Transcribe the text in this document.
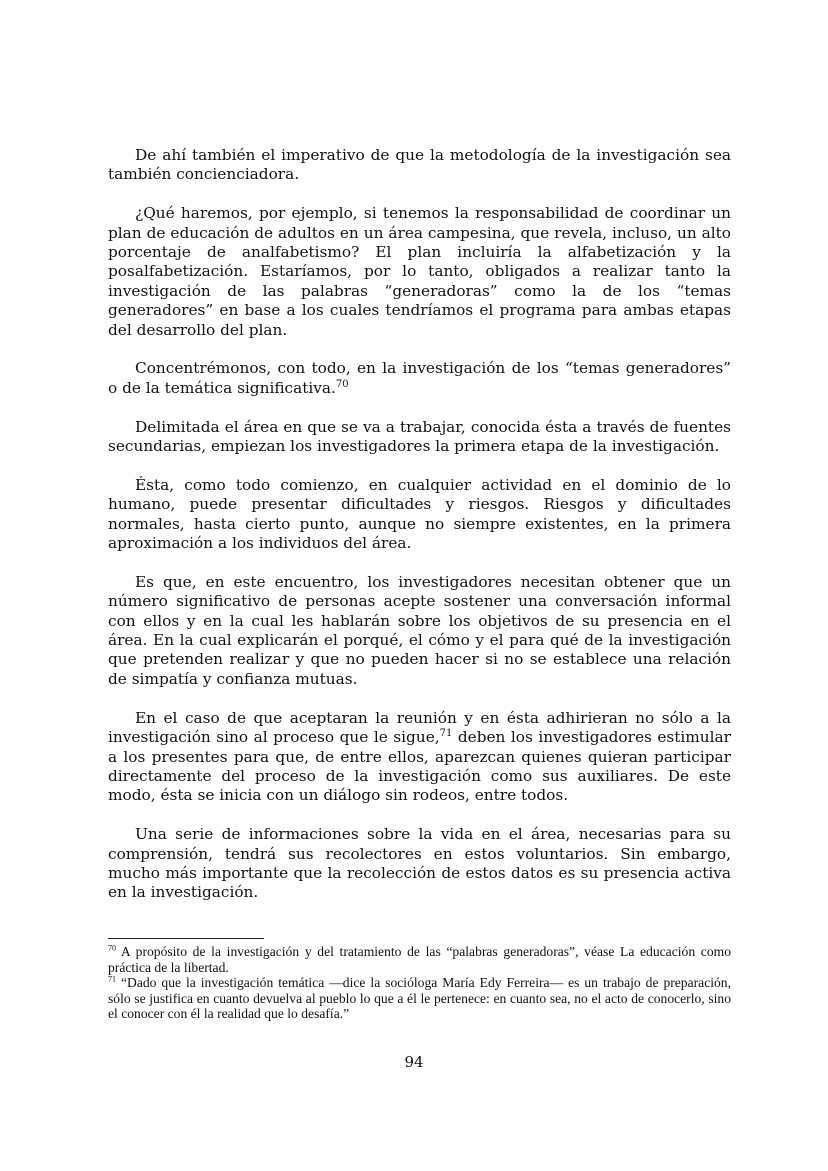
De ahí también el imperativo de que la metodología de la investigación sea también concienciadora.

¿Qué haremos, por ejemplo, si tenemos la responsabilidad de coordinar un plan de educación de adultos en un área campesina, que revela, incluso, un alto porcentaje de analfabetismo? El plan incluiría la alfabetización y la posalfabetización. Estaríamos, por lo tanto, obligados a realizar tanto la investigación de las palabras “generadoras” como la de los “temas generadores” en base a los cuales tendríamos el programa para ambas etapas del desarrollo del plan.

Concentrémonos, con todo, en la investigación de los “temas generadores” o de la temática significativa.$^{70}$

Delimitada el área en que se va a trabajar, conocida ésta a través de fuentes secundarias, empiezan los investigadores la primera etapa de la investigación.

Ésta, como todo comienzo, en cualquier actividad en el dominio de lo humano, puede presentar dificultades y riesgos. Riesgos y dificultades normales, hasta cierto punto, aunque no siempre existentes, en la primera aproximación a los individuos del área.

Es que, en este encuentro, los investigadores necesitan obtener que un número significativo de personas acepte sostener una conversación informal con ellos y en la cual les hablarán sobre los objetivos de su presencia en el área. En la cual explicarán el porqué, el cómo y el para qué de la investigación que pretenden realizar y que no pueden hacer si no se establece una relación de simpatía y confianza mutuas.

En el caso de que aceptaran la reunión y en ésta adhirieran no sólo a la investigación sino al proceso que le sigue,$^{71}$ deben los investigadores estimular a los presentes para que, de entre ellos, aparezcan quienes quieran participar directamente del proceso de la investigación como sus auxiliares. De este modo, ésta se inicia con un diálogo sin rodeos, entre todos.

Una serie de informaciones sobre la vida en el área, necesarias para su comprensión, tendrá sus recolectores en estos voluntarios. Sin embargo, mucho más importante que la recolección de estos datos es su presencia activa en la investigación.

$^{70}$ A propósito de la investigación y del tratamiento de las “palabras generadoras”, véase La educación como práctica de la libertad.

$^{71}$ “Dado que la investigación temática —dice la socióloga María Edy Ferreira— es un trabajo de preparación, sólo se justifica en cuanto devuelva al pueblo lo que a él le pertenece: en cuanto sea, no el acto de conocerlo, sino el conocer con él la realidad que lo desafía.”

94
